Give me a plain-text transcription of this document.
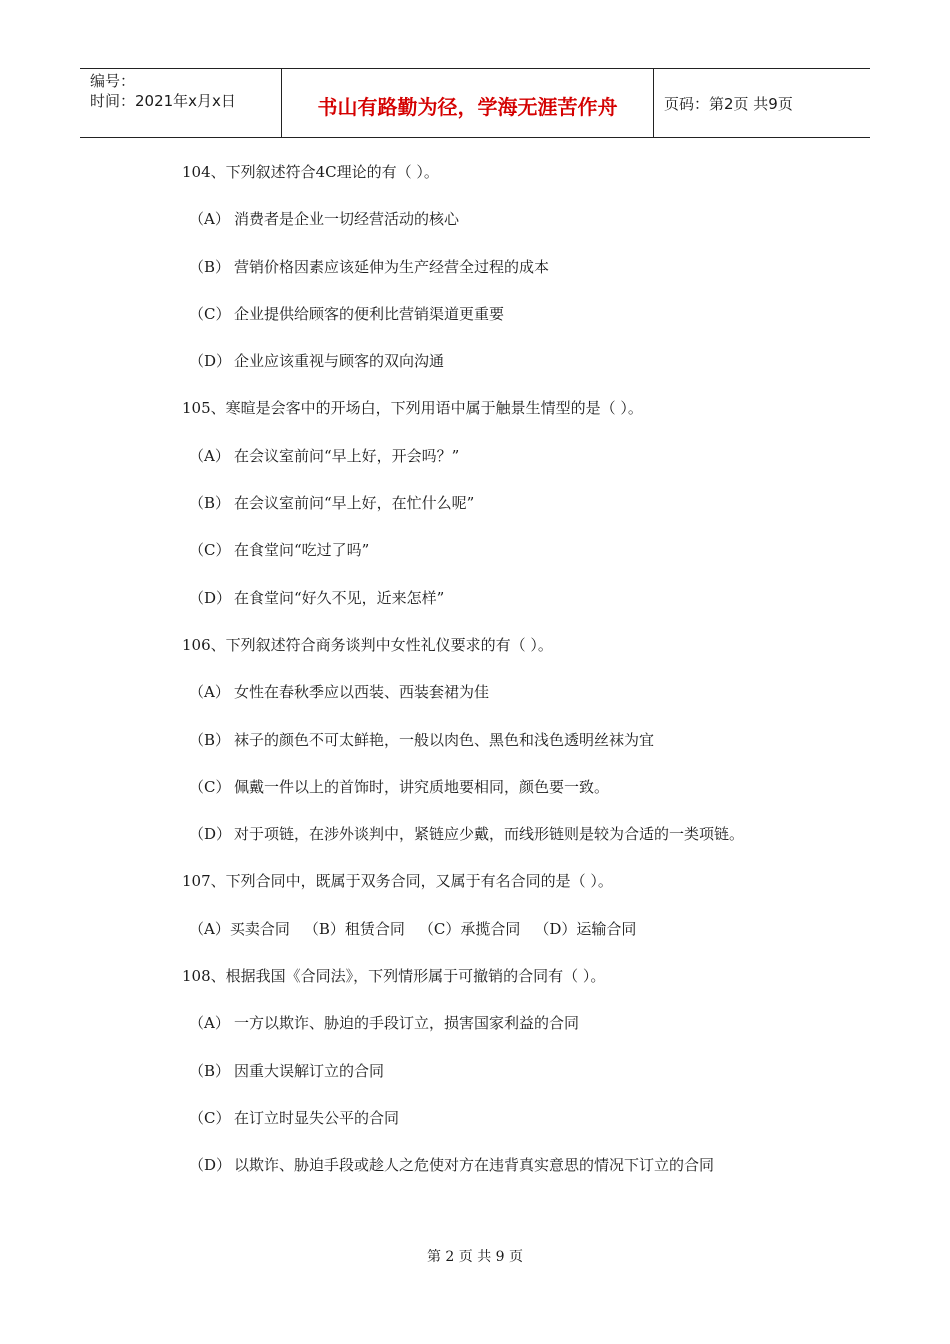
编号：
时间：2021年x月x日	书山有路勤为径，学海无涯苦作舟	页码：第2页 共9页
104、下列叙述符合4C理论的有（ ）。
（A） 消费者是企业一切经营活动的核心
（B） 营销价格因素应该延伸为生产经营全过程的成本
（C） 企业提供给顾客的便利比营销渠道更重要
（D） 企业应该重视与顾客的双向沟通
105、寒暄是会客中的开场白，下列用语中属于触景生情型的是（ ）。
（A） 在会议室前问“早上好，开会吗？”
（B） 在会议室前问“早上好，在忙什么呢”
（C） 在食堂问“吃过了吗”
（D） 在食堂问“好久不见，近来怎样”
106、下列叙述符合商务谈判中女性礼仪要求的有（ ）。
（A） 女性在春秋季应以西装、西装套裙为佳
（B） 袜子的颜色不可太鲜艳，一般以肉色、黑色和浅色透明丝袜为宜
（C） 佩戴一件以上的首饰时，讲究质地要相同，颜色要一致。
（D） 对于项链，在涉外谈判中，紧链应少戴，而线形链则是较为合适的一类项链。
107、下列合同中，既属于双务合同，又属于有名合同的是（ ）。
（A）买卖合同 （B）租赁合同 （C）承揽合同 （D）运输合同
108、根据我国《合同法》，下列情形属于可撤销的合同有（ ）。
（A） 一方以欺诈、胁迫的手段订立，损害国家利益的合同
（B） 因重大误解订立的合同
（C） 在订立时显失公平的合同
（D） 以欺诈、胁迫手段或趁人之危使对方在违背真实意思的情况下订立的合同
第 2 页 共 9 页
